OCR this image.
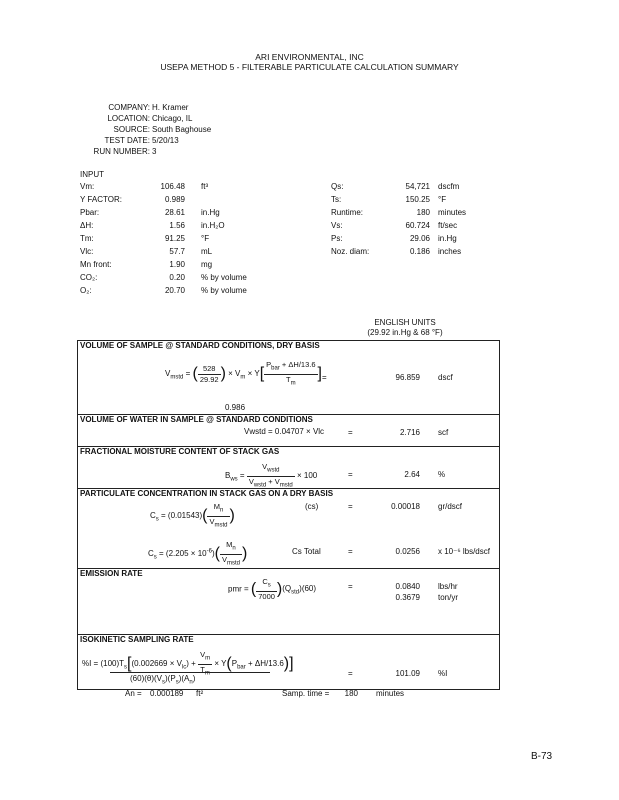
ARI ENVIRONMENTAL, INC
USEPA METHOD 5 - FILTERABLE PARTICULATE CALCULATION SUMMARY
COMPANY: H. Kramer
LOCATION: Chicago, IL
SOURCE: South Baghouse
TEST DATE: 5/20/13
RUN NUMBER: 3
INPUT
Vm:	106.48 ft³
Y FACTOR:	0.989
Pbar:	28.61 in.Hg
ΔH:	1.56 in.H₂O
Tm:	91.25 °F
Vlc:	57.7 mL
Mn front:	1.90 mg
CO₂:	0.20 % by volume
O₂:	20.70 % by volume
Qs:	54,721 dscfm
Ts:	150.25 °F
Runtime:	180 minutes
Vs:	60.724 ft/sec
Ps:	29.06 in.Hg
Noz. diam:	0.186 inches
ENGLISH UNITS
(29.92 in.Hg & 68 °F)
VOLUME OF SAMPLE @ STANDARD CONDITIONS, DRY BASIS
$V_{mstd}$ = ( $\frac{528}{29.92}$ ) × $V_m \times Y[ \frac{P_{bar} + \Delta H/13.6}{T_m}$ ] =	96.859 dscf
0.986
VOLUME OF WATER IN SAMPLE @ STANDARD CONDITIONS
Vwstd = 0.04707 × Vlc	=	2.716 scf
FRACTIONAL MOISTURE CONTENT OF STACK GAS
$B_{ws} = \frac{V_{wstd}}{V_{wstd} + V_{mstd}} \times 100$	=	2.64 %
PARTICULATE CONCENTRATION IN STACK GAS ON A DRY BASIS
$C_s = (0.01543)( \frac{M_n}{V_{mstd}}$ )
(cs)	=	0.00018 gr/dscf
$C_s = (2.205 \times 10^{-6})( \frac{M_n}{V_{mstd}}$ )	Cs Total	=	0.0256 x 10⁻⁶ lbs/dscf
EMISSION RATE
pmr = ( $\frac{C_s}{7000} )(Q_{std})(60)$	=	0.0840 lbs/hr
0.3679 ton/yr
ISOKINETIC SAMPLING RATE
$\%I = (100)T_s[(0.002669 \times V_{lc}) + \frac{V_m}{T_m} \times Y(P_{bar} + \Delta H/13.6)]$
$(60)(\theta)(V_s)(P_s)(A_n)$
=	101.09 %I
An = 0.000189 ft²	Samp. time =	180 minutes
B-73
